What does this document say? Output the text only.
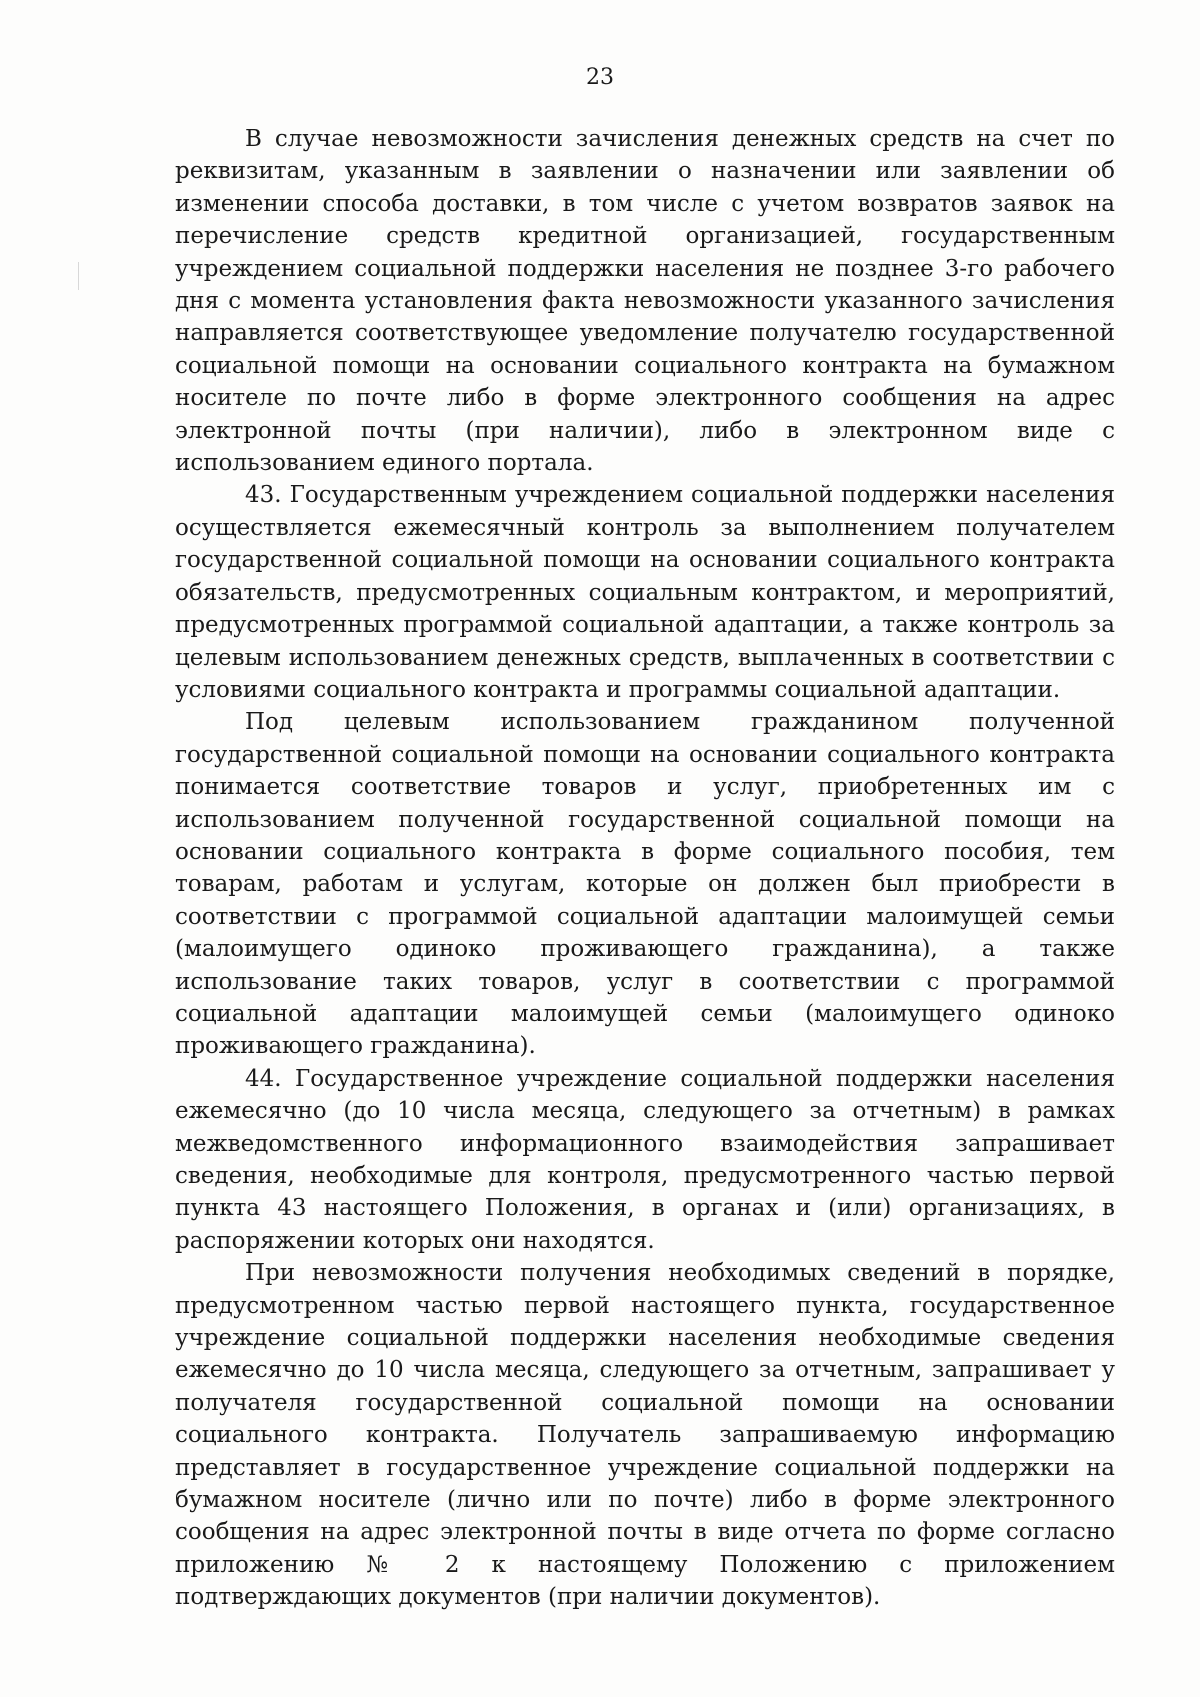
23

В случае невозможности зачисления денежных средств на счет по реквизитам, указанным в заявлении о назначении или заявлении об изменении способа доставки, в том числе с учетом возвратов заявок на перечисление средств кредитной организацией, государственным учреждением социальной поддержки населения не позднее 3-го рабочего дня с момента установления факта невозможности указанного зачисления направляется соответствующее уведомление получателю государственной социальной помощи на основании социального контракта на бумажном носителе по почте либо в форме электронного сообщения на адрес электронной почты (при наличии), либо в электронном виде с использованием единого портала.

43. Государственным учреждением социальной поддержки населения осуществляется ежемесячный контроль за выполнением получателем государственной социальной помощи на основании социального контракта обязательств, предусмотренных социальным контрактом, и мероприятий, предусмотренных программой социальной адаптации, а также контроль за целевым использованием денежных средств, выплаченных в соответствии с условиями социального контракта и программы социальной адаптации.

Под целевым использованием гражданином полученной государственной социальной помощи на основании социального контракта понимается соответствие товаров и услуг, приобретенных им с использованием полученной государственной социальной помощи на основании социального контракта в форме социального пособия, тем товарам, работам и услугам, которые он должен был приобрести в соответствии с программой социальной адаптации малоимущей семьи (малоимущего одиноко проживающего гражданина), а также использование таких товаров, услуг в соответствии с программой социальной адаптации малоимущей семьи (малоимущего одиноко проживающего гражданина).

44. Государственное учреждение социальной поддержки населения ежемесячно (до 10 числа месяца, следующего за отчетным) в рамках межведомственного информационного взаимодействия запрашивает сведения, необходимые для контроля, предусмотренного частью первой пункта 43 настоящего Положения, в органах и (или) организациях, в распоряжении которых они находятся.

При невозможности получения необходимых сведений в порядке, предусмотренном частью первой настоящего пункта, государственное учреждение социальной поддержки населения необходимые сведения ежемесячно до 10 числа месяца, следующего за отчетным, запрашивает у получателя государственной социальной помощи на основании социального контракта. Получатель запрашиваемую информацию представляет в государственное учреждение социальной поддержки на бумажном носителе (лично или по почте) либо в форме электронного сообщения на адрес электронной почты в виде отчета по форме согласно приложению № 2 к настоящему Положению с приложением подтверждающих документов (при наличии документов).
